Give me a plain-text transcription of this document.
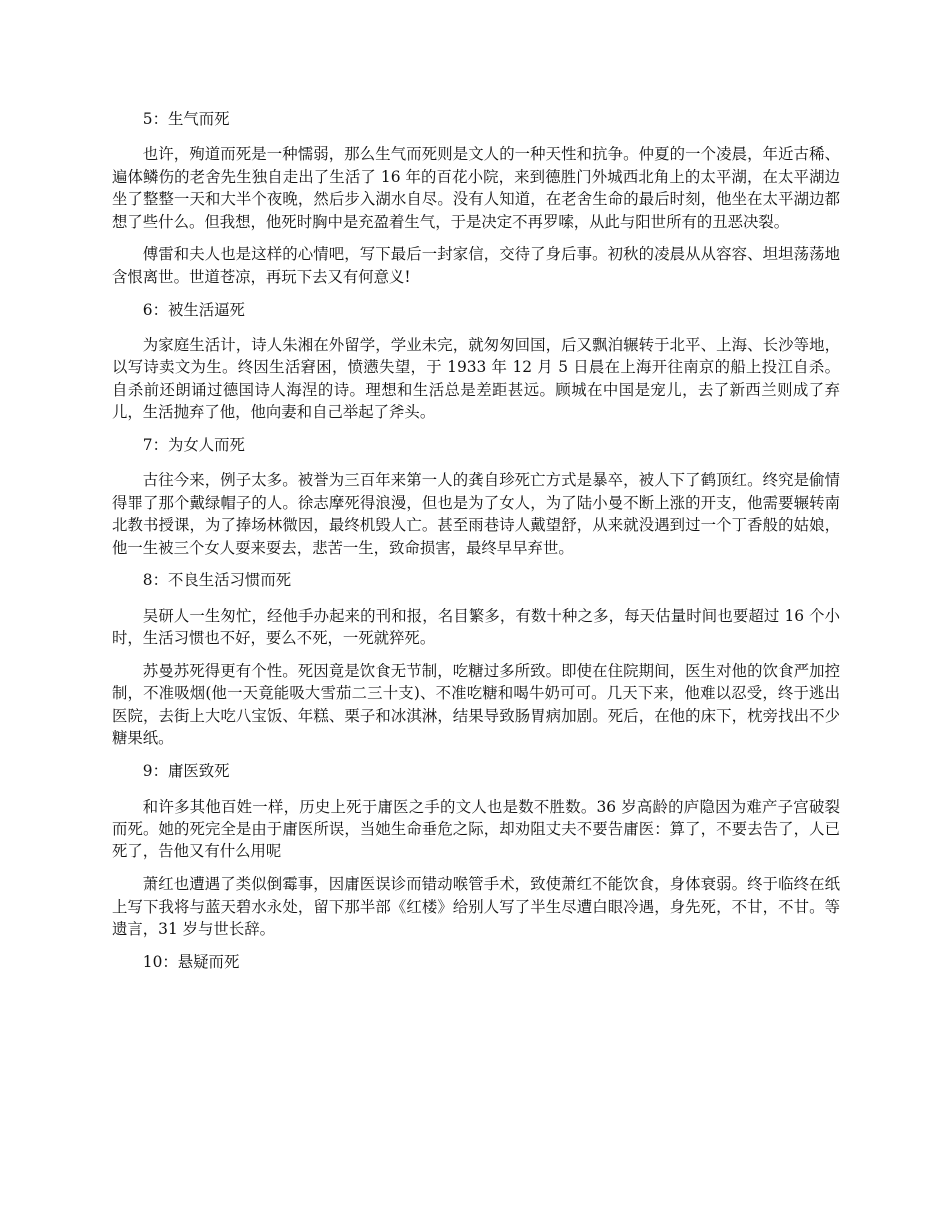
5：生气而死

也许，殉道而死是一种懦弱，那么生气而死则是文人的一种天性和抗争。仲夏的一个凌晨，年近古稀、遍体鳞伤的老舍先生独自走出了生活了 16 年的百花小院，来到德胜门外城西北角上的太平湖，在太平湖边坐了整整一天和大半个夜晚，然后步入湖水自尽。没有人知道，在老舍生命的最后时刻，他坐在太平湖边都想了些什么。但我想，他死时胸中是充盈着生气，于是决定不再罗嗦，从此与阳世所有的丑恶决裂。

傅雷和夫人也是这样的心情吧，写下最后一封家信，交待了身后事。初秋的凌晨从从容容、坦坦荡荡地含恨离世。世道苍凉，再玩下去又有何意义!

6：被生活逼死

为家庭生活计，诗人朱湘在外留学，学业未完，就匆匆回国，后又飘泊辗转于北平、上海、长沙等地，以写诗卖文为生。终因生活窘困，愤懑失望，于 1933 年 12 月 5 日晨在上海开往南京的船上投江自杀。自杀前还朗诵过德国诗人海涅的诗。理想和生活总是差距甚远。顾城在中国是宠儿，去了新西兰则成了弃儿，生活抛弃了他，他向妻和自己举起了斧头。

7：为女人而死

古往今来，例子太多。被誉为三百年来第一人的龚自珍死亡方式是暴卒，被人下了鹤顶红。终究是偷情得罪了那个戴绿帽子的人。徐志摩死得浪漫，但也是为了女人，为了陆小曼不断上涨的开支，他需要辗转南北教书授课，为了捧场林微因，最终机毁人亡。甚至雨巷诗人戴望舒，从来就没遇到过一个丁香般的姑娘，他一生被三个女人耍来耍去，悲苦一生，致命损害，最终早早弃世。

8：不良生活习惯而死

吴研人一生匆忙，经他手办起来的刊和报，名目繁多，有数十种之多，每天估量时间也要超过 16 个小时，生活习惯也不好，要么不死，一死就猝死。

苏曼苏死得更有个性。死因竟是饮食无节制，吃糖过多所致。即使在住院期间，医生对他的饮食严加控制，不准吸烟(他一天竟能吸大雪茄二三十支)、不准吃糖和喝牛奶可可。几天下来，他难以忍受，终于逃出医院，去街上大吃八宝饭、年糕、栗子和冰淇淋，结果导致肠胃病加剧。死后，在他的床下，枕旁找出不少糖果纸。

9：庸医致死

和许多其他百姓一样，历史上死于庸医之手的文人也是数不胜数。36 岁高龄的庐隐因为难产子宫破裂而死。她的死完全是由于庸医所误，当她生命垂危之际，却劝阻丈夫不要告庸医：算了，不要去告了，人已死了，告他又有什么用呢

萧红也遭遇了类似倒霉事，因庸医误诊而错动喉管手术，致使萧红不能饮食，身体衰弱。终于临终在纸上写下我将与蓝天碧水永处，留下那半部《红楼》给别人写了半生尽遭白眼冷遇，身先死，不甘，不甘。等遗言，31 岁与世长辞。

10：悬疑而死
